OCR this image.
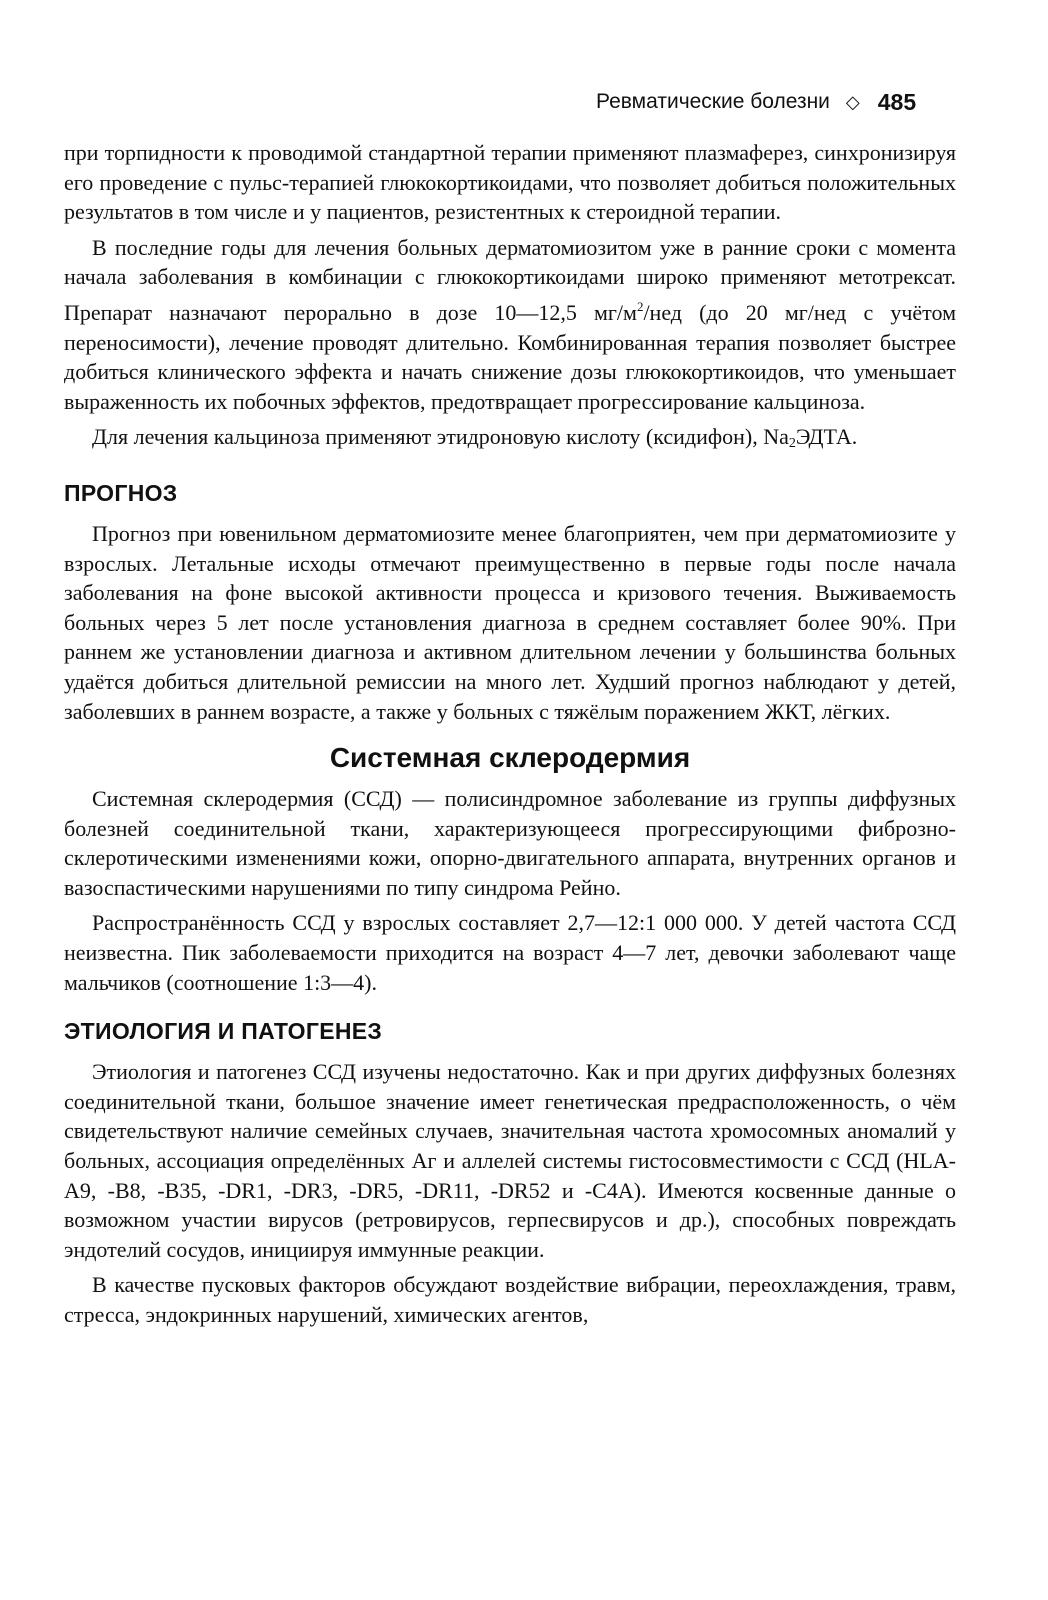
Ревматические болезни ◇ 485

при торпидности к проводимой стандартной терапии применяют плазмаферез, синхронизируя его проведение с пульс-терапией глюкокортикоидами, что позволяет добиться положительных результатов в том числе и у пациентов, резистентных к стероидной терапии.

В последние годы для лечения больных дерматомиозитом уже в ранние сроки с момента начала заболевания в комбинации с глюкокортикоидами широко применяют метотрексат. Препарат назначают перорально в дозе 10—12,5 $мг/м^2$/нед (до 20 мг/нед с учётом переносимости), лечение проводят длительно. Комбинированная терапия позволяет быстрее добиться клинического эффекта и начать снижение дозы глюкокортикоидов, что уменьшает выраженность их побочных эффектов, предотвращает прогрессирование кальциноза.

Для лечения кальциноза применяют этидроновую кислоту (ксидифон), $Na_2ЭДТА$.

ПРОГНОЗ

Прогноз при ювенильном дерматомиозите менее благоприятен, чем при дерматомиозите у взрослых. Летальные исходы отмечают преимущественно в первые годы после начала заболевания на фоне высокой активности процесса и кризового течения. Выживаемость больных через 5 лет после установления диагноза в среднем составляет более 90%. При раннем же установлении диагноза и активном длительном лечении у большинства больных удаётся добиться длительной ремиссии на много лет. Худший прогноз наблюдают у детей, заболевших в раннем возрасте, а также у больных с тяжёлым поражением ЖКТ, лёгких.

Системная склеродермия

Системная склеродермия (ССД) — полисиндромное заболевание из группы диффузных болезней соединительной ткани, характеризующееся прогрессирующими фиброзно-склеротическими изменениями кожи, опорно-двигательного аппарата, внутренних органов и вазоспастическими нарушениями по типу синдрома Рейно.

Распространённость ССД у взрослых составляет 2,7—12:1 000 000. У детей частота ССД неизвестна. Пик заболеваемости приходится на возраст 4—7 лет, девочки заболевают чаще мальчиков (соотношение 1:3—4).

ЭТИОЛОГИЯ И ПАТОГЕНЕЗ

Этиология и патогенез ССД изучены недостаточно. Как и при других диффузных болезнях соединительной ткани, большое значение имеет генетическая предрасположенность, о чём свидетельствуют наличие семейных случаев, значительная частота хромосомных аномалий у больных, ассоциация определённых Аг и аллелей системы гистосовместимости с ССД (HLA-A9, -B8, -B35, -DR1, -DR3, -DR5, -DR11, -DR52 и -C4A). Имеются косвенные данные о возможном участии вирусов (ретровирусов, герпесвирусов и др.), способных повреждать эндотелий сосудов, инициируя иммунные реакции.

В качестве пусковых факторов обсуждают воздействие вибрации, переохлаждения, травм, стресса, эндокринных нарушений, химических агентов,
